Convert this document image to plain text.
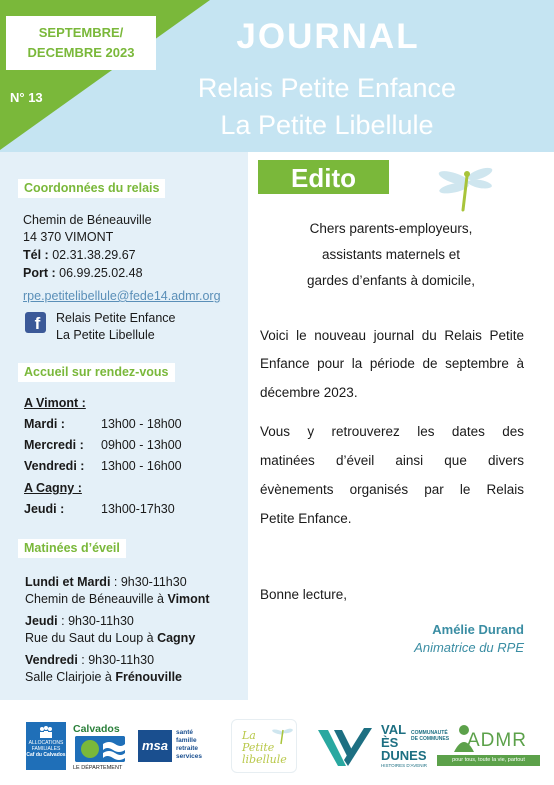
SEPTEMBRE/
DECEMBRE 2023
N° 13
JOURNAL
Relais Petite Enfance
La Petite Libellule
Coordonnées du relais
Chemin de Béneauville
14 370 VIMONT
Tél : 02.31.38.29.67
Port : 06.99.25.02.48
rpe.petitelibellule@fede14.admr.org
f	Relais Petite Enfance
La Petite Libellule
Accueil sur rendez-vous
A Vimont :
Mardi :	13h00 - 18h00
Mercredi : 09h00 - 13h00
Vendredi : 13h00 - 16h00
A Cagny :
Jeudi :	13h00-17h30
Matinées d’éveil
Lundi et Mardi : 9h30-11h30
Chemin de Béneauville à Vimont
Jeudi : 9h30-11h30
Rue du Saut du Loup à Cagny
Vendredi : 9h30-11h30
Salle Clairjoie à Frénouville
Edito
Chers parents-employeurs,
assistants maternels et
gardes d’enfants à domicile,
Voici le nouveau journal du Relais Petite
Enfance pour la période de septembre à
décembre 2023.
Vous y retrouverez les dates des
matinées d’éveil ainsi que divers
évènements organisés par le Relais
Petite Enfance.
Bonne lecture,
Amélie Durand
Animatrice du RPE
ALLOCATIONS FAMILIALES
Caf du Calvados
Calvados
LE DÉPARTEMENT
msa
santé
famille
retraite
services
La
Petite
libellule
VAL
ÈS
DUNES
COMMUNAUTÉ
DE COMMUNES
HISTOIRES D'AVENIR
ADMR
pour tous, toute la vie, partout
